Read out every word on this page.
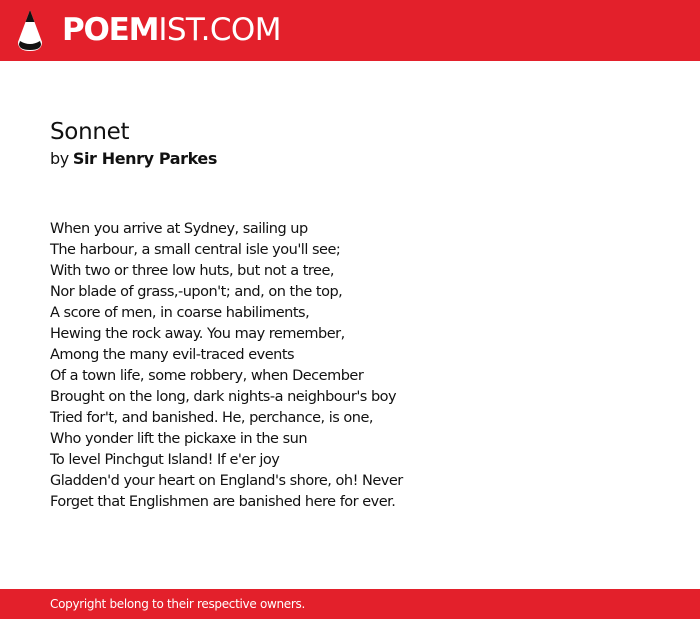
POEMIST.COM
Sonnet
by Sir Henry Parkes
When you arrive at Sydney, sailing up
The harbour, a small central isle you'll see;
With two or three low huts, but not a tree,
Nor blade of grass,-upon't; and, on the top,
A score of men, in coarse habiliments,
Hewing the rock away. You may remember,
Among the many evil-traced events
Of a town life, some robbery, when December
Brought on the long, dark nights-a neighbour's boy
Tried for't, and banished. He, perchance, is one,
Who yonder lift the pickaxe in the sun
To level Pinchgut Island! If e'er joy
Gladden'd your heart on England's shore, oh! Never
Forget that Englishmen are banished here for ever.
Copyright belong to their respective owners.
